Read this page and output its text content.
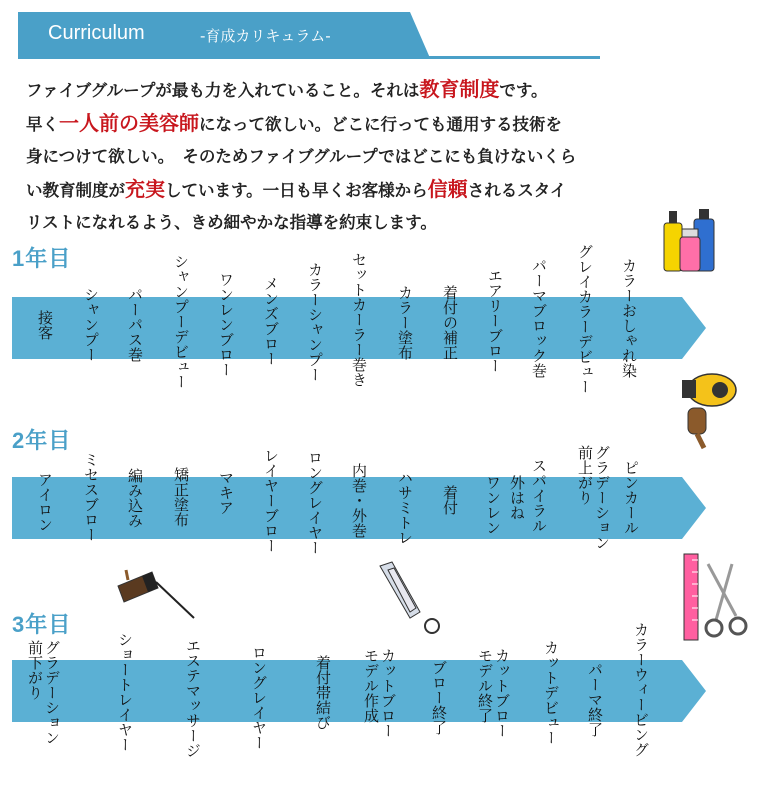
Curriculum	-育成カリキュラム-
ファイブグループが最も力を入れていること。それは教育制度です。
早く一人前の美容師になって欲しい。どこに行っても通用する技術を
身につけて欲しい。　そのためファイブグループではどこにも負けないくら
い教育制度が充実しています。一日も早くお客様から信頼されるスタイ
リストになれるよう、きめ細やかな指導を約束します。
1年目
接客 シャンプー パーパス巻 シャンプーデビュー ワンレンブロー メンズブロー カラーシャンプー セットカーラー巻き カラー塗布 着付の補正 エアリーブロー パーマブロック巻 グレイカラーデビュー カラーおしゃれ染
2年目
アイロン ミセスブロー 編み込み 矯正塗布 マキア レイヤーブロー ロングレイヤー 内巻・外巻 ハサミトレ 着付 ワンレン 外はね スパイラル	グラデーション
前上がり	ピンカール
3年目
グラデーション
前下がり	ショートレイヤー	エステマッサージ	ロングレイヤー	着付帯結び	カットブロー
モデル作成	ブロー終了	カットブロー
モデル終了	カットデビュー パーマ終了 カラーウィービング
